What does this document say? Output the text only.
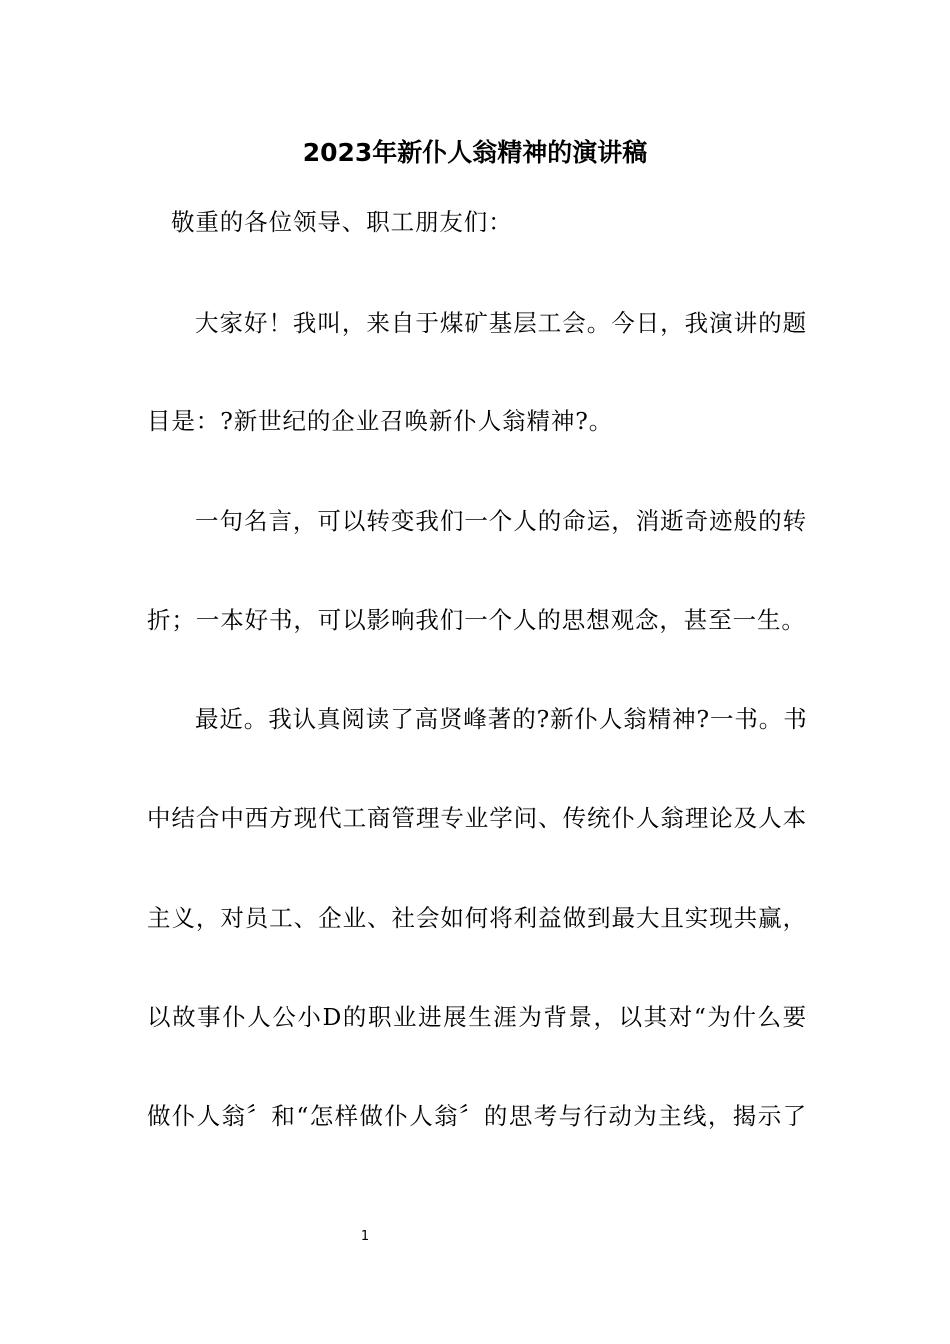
2023年新仆人翁精神的演讲稿
敬重的各位领导、职工朋友们：
大家好！我叫，来自于煤矿基层工会。今日，我演讲的题
目是：?新世纪的企业召唤新仆人翁精神?。
一句名言，可以转变我们一个人的命运，消逝奇迹般的转
折；一本好书，可以影响我们一个人的思想观念，甚至一生。
最近。我认真阅读了高贤峰著的?新仆人翁精神?一书。书
中结合中西方现代工商管理专业学问、传统仆人翁理论及人本
主义，对员工、企业、社会如何将利益做到最大且实现共赢，
以故事仆人公小D的职业进展生涯为背景，以其对“为什么要
做仆人翁〞和“怎样做仆人翁〞的思考与行动为主线，揭示了
1
